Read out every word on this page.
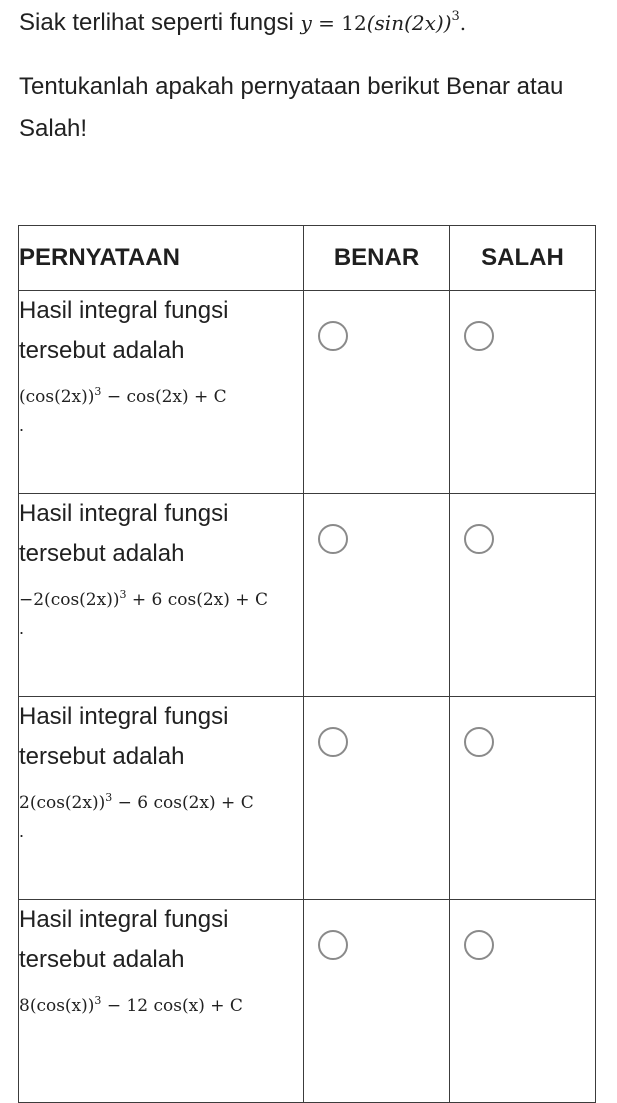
Siak terlihat seperti fungsi $y = 12(\sin(2x))^3$.
Tentukanlah apakah pernyataan berikut Benar atau Salah!
PERNYATAAN	BENAR	SALAH

Hasil integral fungsi tersebut adalah
$(\cos(2x))^3 - \cos(2x) + C$
.		

Hasil integral fungsi tersebut adalah
$-2(\cos(2x))^3 + 6$ cos(2x) + C
.		

Hasil integral fungsi tersebut adalah
$2(\cos(2x))^3 - 6$ cos(2x) + C
.		

Hasil integral fungsi tersebut adalah
$8(\cos(x))^3 - 12$ cos(x) + C		
